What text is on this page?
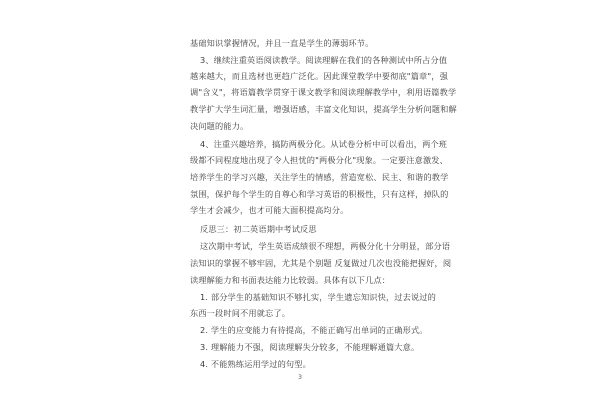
基础知识掌握情况，并且一直是学生的薄弱环节。
3、继续注重英语阅读教学。阅读理解在我们的各种测试中所占分值
越来越大，而且选材也更趋广泛化。因此课堂教学中要彻底"篇章"，强
调"含义"，将语篇教学贯穿于课文教学和阅读理解教学中，利用语篇教学
教学扩大学生词汇量，增强语感，丰富文化知识，提高学生分析问题和解
决问题的能力。
4、注重兴趣培养，搞防两极分化。从试卷分析中可以看出，两个班
级都不同程度地出现了令人担忧的"两极分化"现象。一定要注意激发、
培养学生的学习兴趣，关注学生的情感，营造宽松、民主、和谐的教学
氛围，保护每个学生的自尊心和学习英语的积极性，只有这样，掉队的
学生才会减少，也才可能大面积提高均分。
反思三：初二英语期中考试反思
这次期中考试，学生英语成绩很不理想，两极分化十分明显，部分语
法知识的掌握不够牢固，尤其是个别题 反复做过几次也没能把握好，阅
读理解能力和书面表达能力比较弱。具体有以下几点：
1. 部分学生的基础知识不够扎实，学生遗忘知识快，过去说过的
东西一段时间不用就忘了。
2. 学生的应变能力有待提高，不能正确写出单词的正确形式。
3. 理解能力不强，阅读理解失分较多，不能理解通篇大意。
4. 不能熟练运用学过的句型。
3
